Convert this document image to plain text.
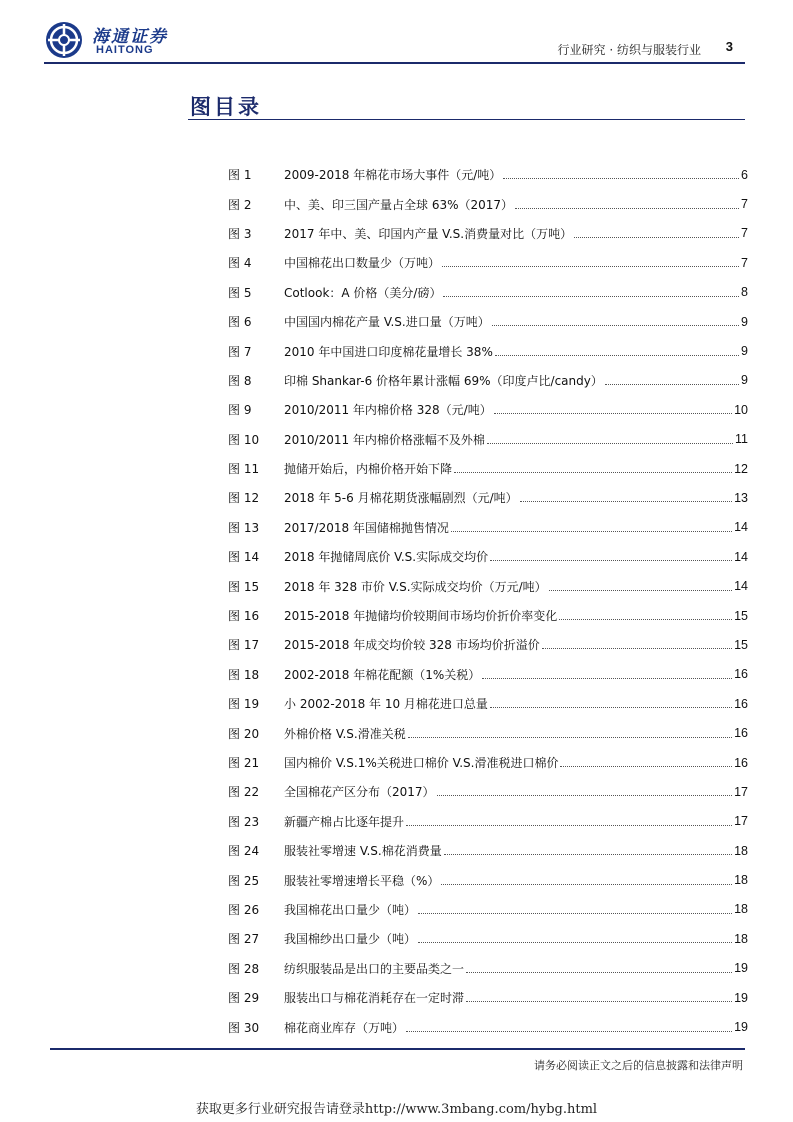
海通证券
HAITONG	行业研究 · 纺织与服装行业 3
图目录
图 1	2009-2018 年棉花市场大事件（元/吨）	6
图 2	中、美、印三国产量占全球 63%（2017）	7
图 3	2017 年中、美、印国内产量 V.S.消费量对比（万吨）	7
图 4	中国棉花出口数量少（万吨）	7
图 5	Cotlook：A 价格（美分/磅）	8
图 6	中国国内棉花产量 V.S.进口量（万吨）	9
图 7	2010 年中国进口印度棉花量增长 38%	9
图 8	印棉 Shankar-6 价格年累计涨幅 69%（印度卢比/candy）	9
图 9	2010/2011 年内棉价格 328（元/吨）	10
图 10	2010/2011 年内棉价格涨幅不及外棉	11
图 11	抛储开始后，内棉价格开始下降	12
图 12	2018 年 5-6 月棉花期货涨幅剧烈（元/吨）	13
图 13	2017/2018 年国储棉抛售情况	14
图 14	2018 年抛储周底价 V.S.实际成交均价	14
图 15	2018 年 328 市价 V.S.实际成交均价（万元/吨）	14
图 16	2015-2018 年抛储均价较期间市场均价折价率变化	15
图 17	2015-2018 年成交均价较 328 市场均价折溢价	15
图 18	2002-2018 年棉花配额（1%关税）	16
图 19	小 2002-2018 年 10 月棉花进口总量	16
图 20	外棉价格 V.S.滑准关税	16
图 21	国内棉价 V.S.1%关税进口棉价 V.S.滑准税进口棉价	16
图 22	全国棉花产区分布（2017）	17
图 23	新疆产棉占比逐年提升	17
图 24	服装社零增速 V.S.棉花消费量	18
图 25	服装社零增速增长平稳（%）	18
图 26	我国棉花出口量少（吨）	18
图 27	我国棉纱出口量少（吨）	18
图 28	纺织服装品是出口的主要品类之一	19
图 29	服装出口与棉花消耗存在一定时滞	19
图 30	棉花商业库存（万吨）	19
请务必阅读正文之后的信息披露和法律声明
获取更多行业研究报告请登录http://www.3mbang.com/hybg.html
